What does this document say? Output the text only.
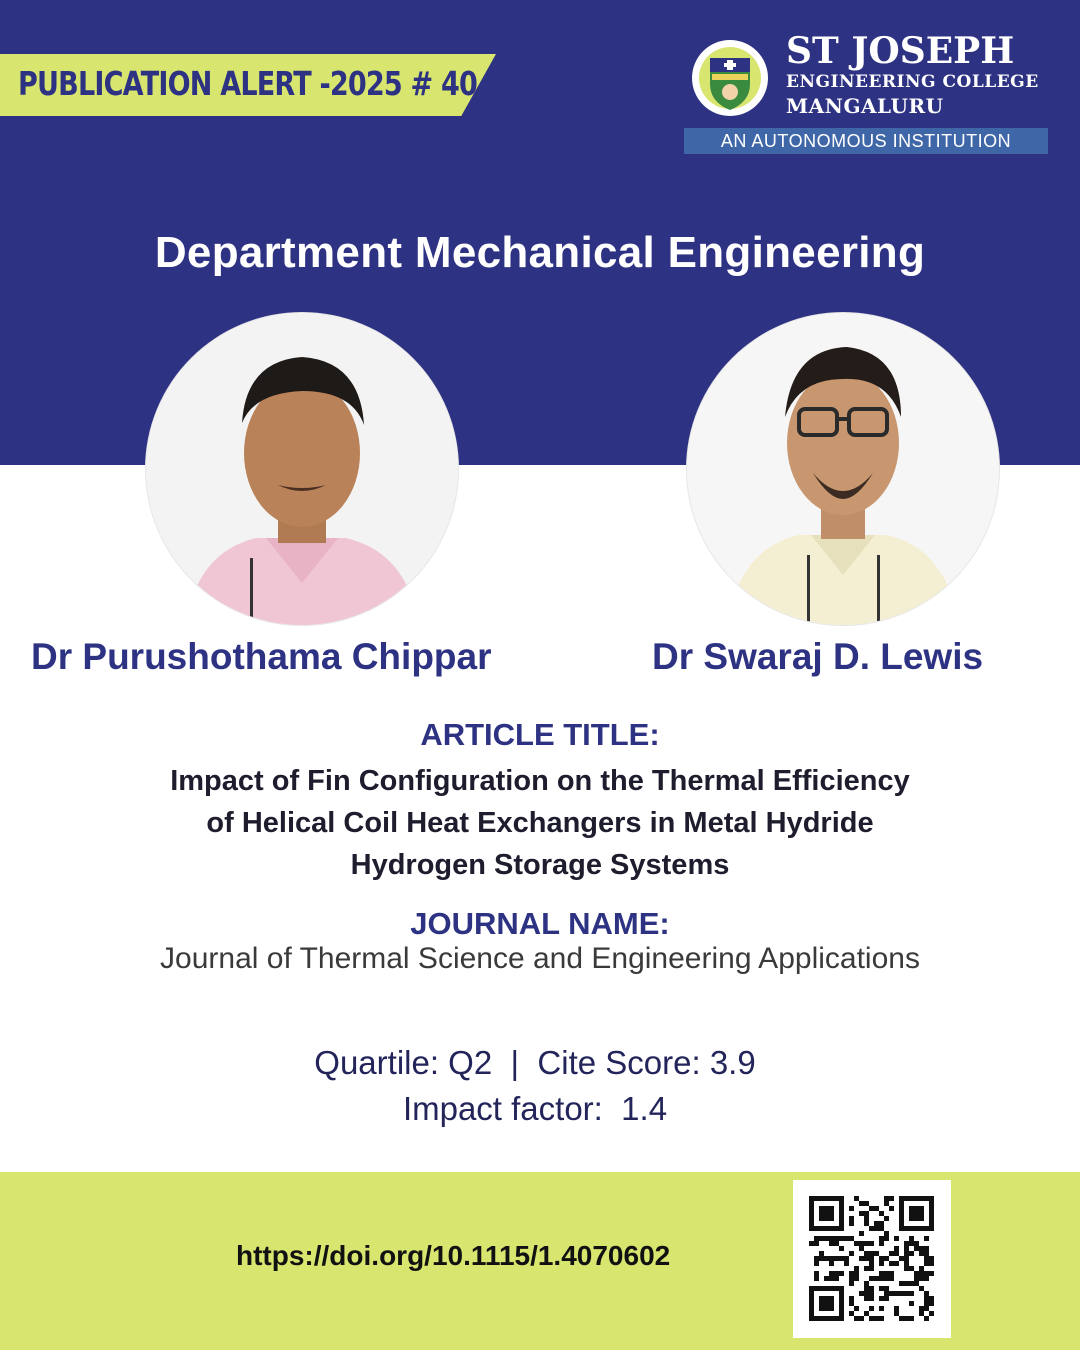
PUBLICATION ALERT -2025 # 40
ST JOSEPH
ENGINEERING COLLEGE
MANGALURU
AN AUTONOMOUS INSTITUTION
Department Mechanical Engineering
Dr Purushothama Chippar	Dr Swaraj D. Lewis
ARTICLE TITLE:
Impact of Fin Configuration on the Thermal Efficiency
of Helical Coil Heat Exchangers in Metal Hydride
Hydrogen Storage Systems
JOURNAL NAME:
Journal of Thermal Science and Engineering Applications
Quartile: Q2  |  Cite Score: 3.9
Impact factor:  1.4
https://doi.org/10.1115/1.4070602
